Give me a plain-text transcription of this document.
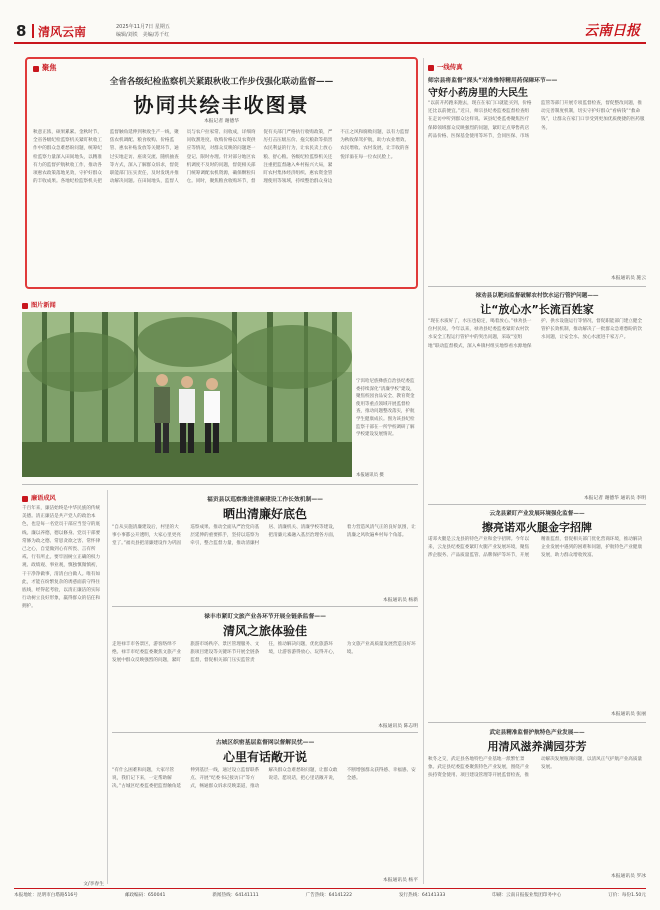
8 清风云南	2025年11月7日 星期五
编辑/刘铁　美编/苏千红	云南日报
聚焦
全省各级纪检监察机关紧跟秋收工作步伐强化联动监督——
协同共绘丰收图景
本报记者 谢德华
秋意正浓，硕果累累。金秋时节，全省各级纪检监察机关紧盯秋收工作中的群众急难愁盼问题，统筹纪检监察力量深入田间地头，以精准有力的监督护航秋收工作，推动各项惠农政策落地见效，守护好群众的丰收成果。各地纪检监察机关把监督触角延伸到秋收生产一线，聚焦农机调配、粮食收购、价格监管、惠农补贴发放等关键环节，通过实地走访、座谈交流、随机抽查等方式，深入了解群众诉求，督促职能部门压实责任，及时发现并推动解决问题。在田间地头，监督人员与农户拉家常、问收成，详细询问收割进度、收购价格以及农资供应等情况，对群众反映的问题逐一登记、限时办理。针对部分地区农机调度不及时的问题，督促相关部门统筹调配农机资源，确保颗粒归仓。同时，聚焦粮食收购环节，督促有关部门严格执行收购政策，严厉打击压级压价、拖欠粮款等损害农民利益的行为，让农民卖上放心粮、舒心粮。各级纪检监察机关还注重把监督融入乡村振兴大局，紧盯农村集体经济组织、惠农资金管理使用等领域，持续整治群众身边不正之风和腐败问题，以有力监督为秋收保驾护航，助力农业增效、农民增收、农村发展，让丰收的喜悦洋溢在每一位农民脸上。
一线传真
师宗县将监督“探头”对准惟特精用药保障环节——
守好小药房里的大民生
“以前开药跑来跑去，现在在家门口就能买到，价格还比以前便宜。”近日，师宗县纪委监委监督检查组在走访中听到群众这样说。该县纪委监委聚焦医疗保障领域群众反映强烈的问题，紧盯定点零售药店药品价格、医保基金使用等环节，会同医保、市场监管等部门开展专项监督检查，督促整改问题，推动完善制度机制，切实守护好群众“看病钱”“救命钱”，让群众在家门口享受到更加优质便捷的医药服务。
本报通讯员 施云
禄劝县以靶向监督破解农村饮水运行管护问题——
让“放心水”长流百姓家
“现在水质好了，水压也稳定，喝着放心。”禄劝县一位村民说。今年以来，禄劝县纪委监委紧盯农村饮水安全工程运行管护中的突出问题，采取“室组地”联动监督模式，深入乡镇村组实地察看水源地保护、供水设施运行等情况，督促职能部门建立健全管护长效机制，推动解决了一批群众急难愁盼的饮水问题，让安全水、放心水流进千家万户。
本报记者 谢德华 通讯员 李明
云龙县紧盯产业发展环境强化监督——
擦亮诺邓火腿金字招牌
诺邓火腿是云龙县的特色产业和金字招牌。今年以来，云龙县纪委监委紧盯火腿产业发展环境，聚焦涉企服务、产品质量监管、品牌保护等环节，开展精准监督，督促相关部门优化营商环境，推动解决企业发展中遇到的困难和问题，护航特色产业健康发展，助力群众增收致富。
本报通讯员 张丽
武定县精准监督护航特色产业发展——
用清风滋养满园芬芳
秋冬之交，武定县各地特色产业基地一派繁忙景象。武定县纪委监委聚焦特色产业发展，围绕产业扶持资金使用、项目建设管理等开展监督检查，推动解决发展瓶颈问题，以清风正气护航产业高质量发展。
本报通讯员 罗冰
图片新闻
宁洱哈尼族彝族自治县纪委监委持续深化“清廉学校”建设，聚焦校园食品安全、教育资金使用等重点领域开展监督检查，推动问题整改落实，护航学生健康成长。图为该县纪检监察干部在一所学校调研了解学校建设发展情况。
本报通讯员 摄
廉语成风
千百年来，廉洁始终是中华民族的传统美德。清正廉洁是共产党人的政治本色，也是每一名党员干部应当坚守的底线。廉以养德，德以修身。党员干部要常修为政之德、常思贪欲之害、常怀律己之心，自觉做到心有所畏、言有所戒、行有所止。要牢固树立正确的权力观、政绩观、事业观，慎独慎微慎初，干干净净做事，清清白白做人。唯有如此，才能在纷繁复杂的诱惑面前守得住底线，经得起考验，以清正廉洁的实际行动树立良好形象，赢得群众的信任和拥护。
文/李春生
福贡县以巡察推进清廉建设工作长效机制——
晒出清廉好底色
“自从实施清廉建设后，村里的大事小事都公开透明，大家心里更亮堂了。”福贡县把清廉建设作为巩固巡察成果、推动全面从严治党向基层延伸的重要抓手，坚持以巡察为牵引，整合监督力量，推动清廉村居、清廉机关、清廉学校等建设，把清廉元素融入基层治理各方面，着力营造风清气正的良好氛围，让清廉之风吹遍乡村每个角落。
本报通讯员 杨新
禄丰市紧盯文旅产业各环节开展全链条监督——
清风之旅体验佳
走进禄丰市各景区，游客络绎不绝。禄丰市纪委监委聚焦文旅产业发展中群众反映强烈的问题，紧盯旅游市场秩序、景区管理服务、文旅项目建设等关键环节开展全链条监督，督促相关部门压实监管责任，推动解决问题，优化旅游环境，让游客游得放心、玩得开心，为文旅产业高质量发展营造良好环境。
本报通讯员 陈志明
古城区织密基层监督网以督解民忧——
心里有话敞开说
“有什么困难和问题，大家尽管说，我们记下来，一定帮助解决。”古城区纪委监委把监督触角延伸到基层一线，通过设立监督联系点、开展“纪委书记接访日”等方式，畅通群众诉求反映渠道，推动解决群众急难愁盼问题，让群众敢说话、愿说话，把心里话敞开说，不断增强群众获得感、幸福感、安全感。
本报通讯员 杨平
本报地址：昆明市白塔路516号	邮政编码：650041	新闻热线：64141111	广告热线：64141222	发行热线：64141333	印刷：云南日报报业集团印务中心	订价：每份1.50元
